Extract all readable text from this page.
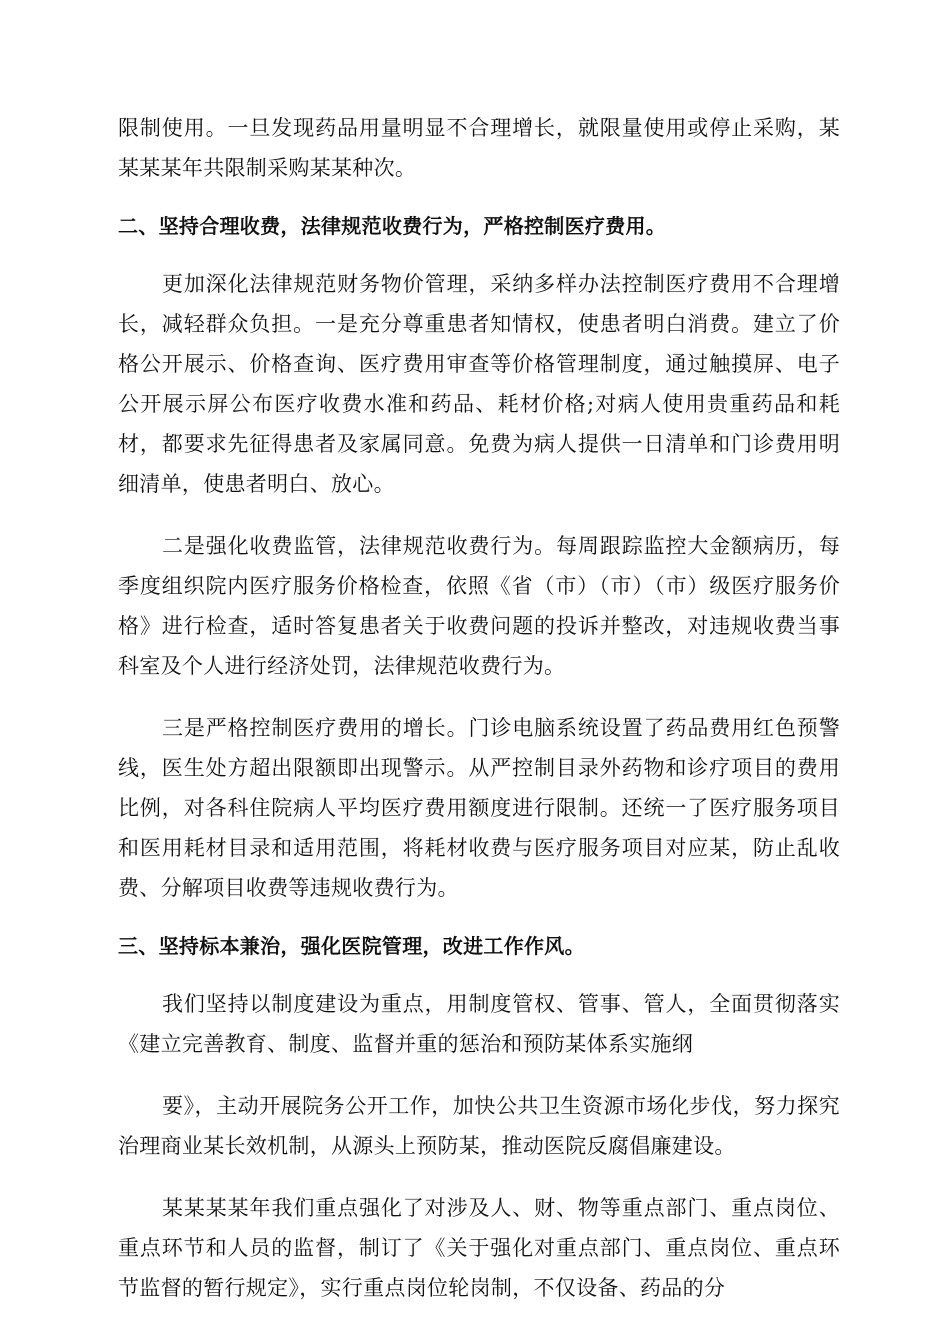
限制使用。一旦发现药品用量明显不合理增长，就限量使用或停止采购，某某某某年共限制采购某某种次。

二、坚持合理收费，法律规范收费行为，严格控制医疗费用。

更加深化法律规范财务物价管理，采纳多样办法控制医疗费用不合理增长，减轻群众负担。一是充分尊重患者知情权，使患者明白消费。建立了价格公开展示、价格查询、医疗费用审查等价格管理制度，通过触摸屏、电子公开展示屏公布医疗收费水准和药品、耗材价格;对病人使用贵重药品和耗材，都要求先征得患者及家属同意。免费为病人提供一日清单和门诊费用明细清单，使患者明白、放心。

二是强化收费监管，法律规范收费行为。每周跟踪监控大金额病历，每季度组织院内医疗服务价格检查，依照《省（市）（市）（市）级医疗服务价格》进行检查，适时答复患者关于收费问题的投诉并整改，对违规收费当事科室及个人进行经济处罚，法律规范收费行为。

三是严格控制医疗费用的增长。门诊电脑系统设置了药品费用红色预警线，医生处方超出限额即出现警示。从严控制目录外药物和诊疗项目的费用比例，对各科住院病人平均医疗费用额度进行限制。还统一了医疗服务项目和医用耗材目录和适用范围，将耗材收费与医疗服务项目对应某，防止乱收费、分解项目收费等违规收费行为。

三、坚持标本兼治，强化医院管理，改进工作作风。

我们坚持以制度建设为重点，用制度管权、管事、管人，全面贯彻落实《建立完善教育、制度、监督并重的惩治和预防某体系实施纲

要》，主动开展院务公开工作，加快公共卫生资源市场化步伐，努力探究治理商业某长效机制，从源头上预防某，推动医院反腐倡廉建设。

某某某某年我们重点强化了对涉及人、财、物等重点部门、重点岗位、重点环节和人员的监督，制订了《关于强化对重点部门、重点岗位、重点环节监督的暂行规定》，实行重点岗位轮岗制，不仅设备、药品的分
